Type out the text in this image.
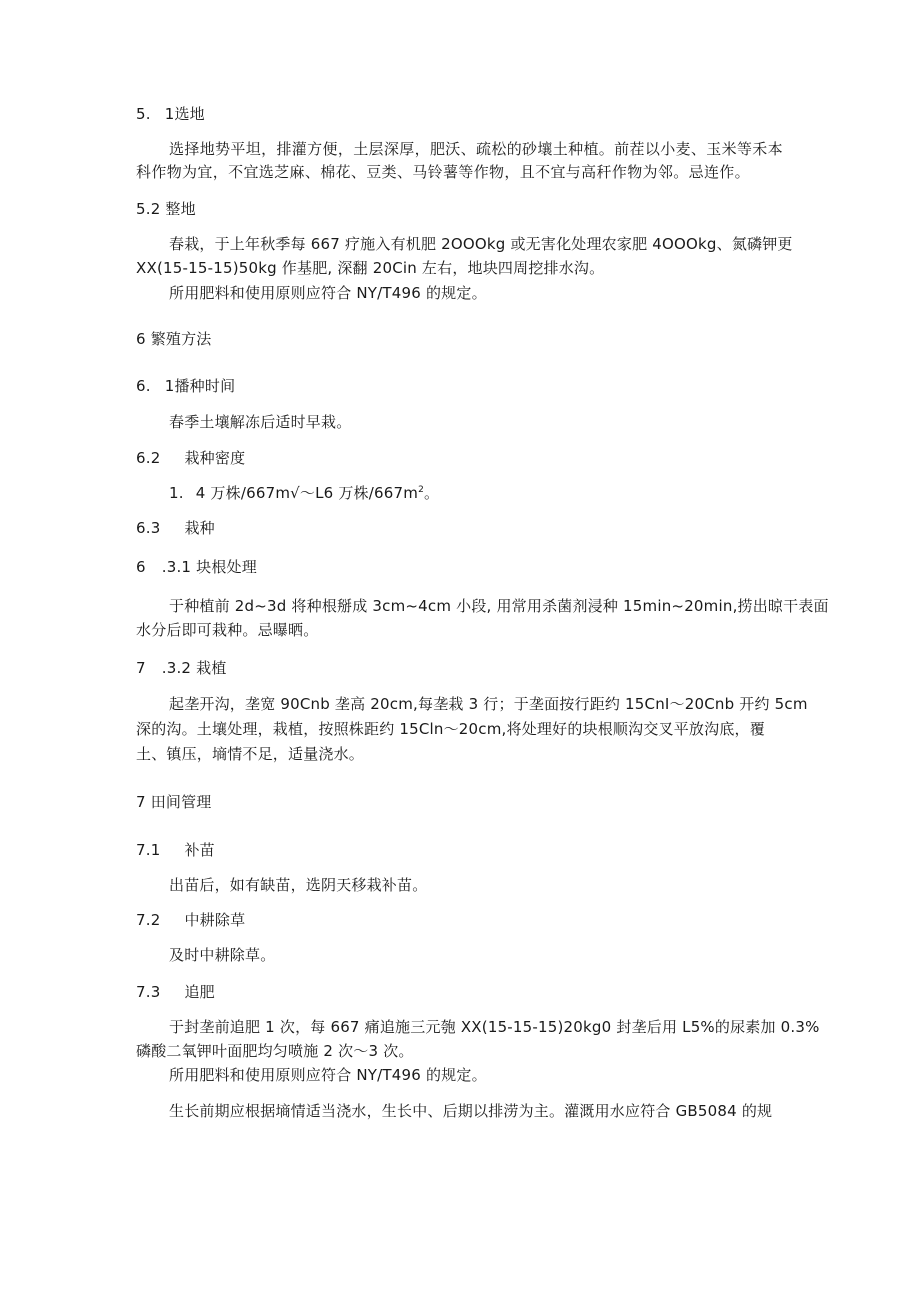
5. 1选地
选择地势平坦，排灌方便，土层深厚，肥沃、疏松的砂壤土种植。前茬以小麦、玉米等禾本
科作物为宜，不宜选芝麻、棉花、豆类、马铃薯等作物，且不宜与高秆作物为邻。忌连作。
5.2 整地
春栽，于上年秋季每 667 疗施入有机肥 2OOOkg 或无害化处理农家肥 4OOOkg、氮磷钾更
XX(15-15-15)50kg 作基肥, 深翻 20Cin 左右，地块四周挖排水沟。
所用肥料和使用原则应符合 NY/T496 的规定。
6 繁殖方法
6. 1播种时间
春季土壤解冻后适时早栽。
6.2 栽种密度
1. 4 万株/667m√～L6 万株$/667m^2$。
6.3 栽种
6 .3.1 块根处理
于种植前 2d~3d 将种根掰成 3cm~4cm 小段, 用常用杀菌剂浸种 15min~20min,捞出晾干表面
水分后即可栽种。忌曝晒。
7 .3.2 栽植
起垄开沟，垄宽 90Cnb 垄高 20cm,每垄栽 3 行；于垄面按行距约 15CnI～20Cnb 开约 5cm
深的沟。土壤处理，栽植，按照株距约 15Cln～20cm,将处理好的块根顺沟交叉平放沟底，覆
土、镇压，墒情不足，适量浇水。
7 田间管理
7.1 补苗
出苗后，如有缺苗，选阴天移栽补苗。
7.2 中耕除草
及时中耕除草。
7.3 追肥
于封垄前追肥 1 次，每 667 痛追施三元匏 XX(15-15-15)20kg0 封垄后用 L5%的尿素加 0.3%
磷酸二氧钾叶面肥均匀喷施 2 次～3 次。
所用肥料和使用原则应符合 NY/T496 的规定。
生长前期应根据墒情适当浇水，生长中、后期以排涝为主。灌溉用水应符合 GB5084 的规
